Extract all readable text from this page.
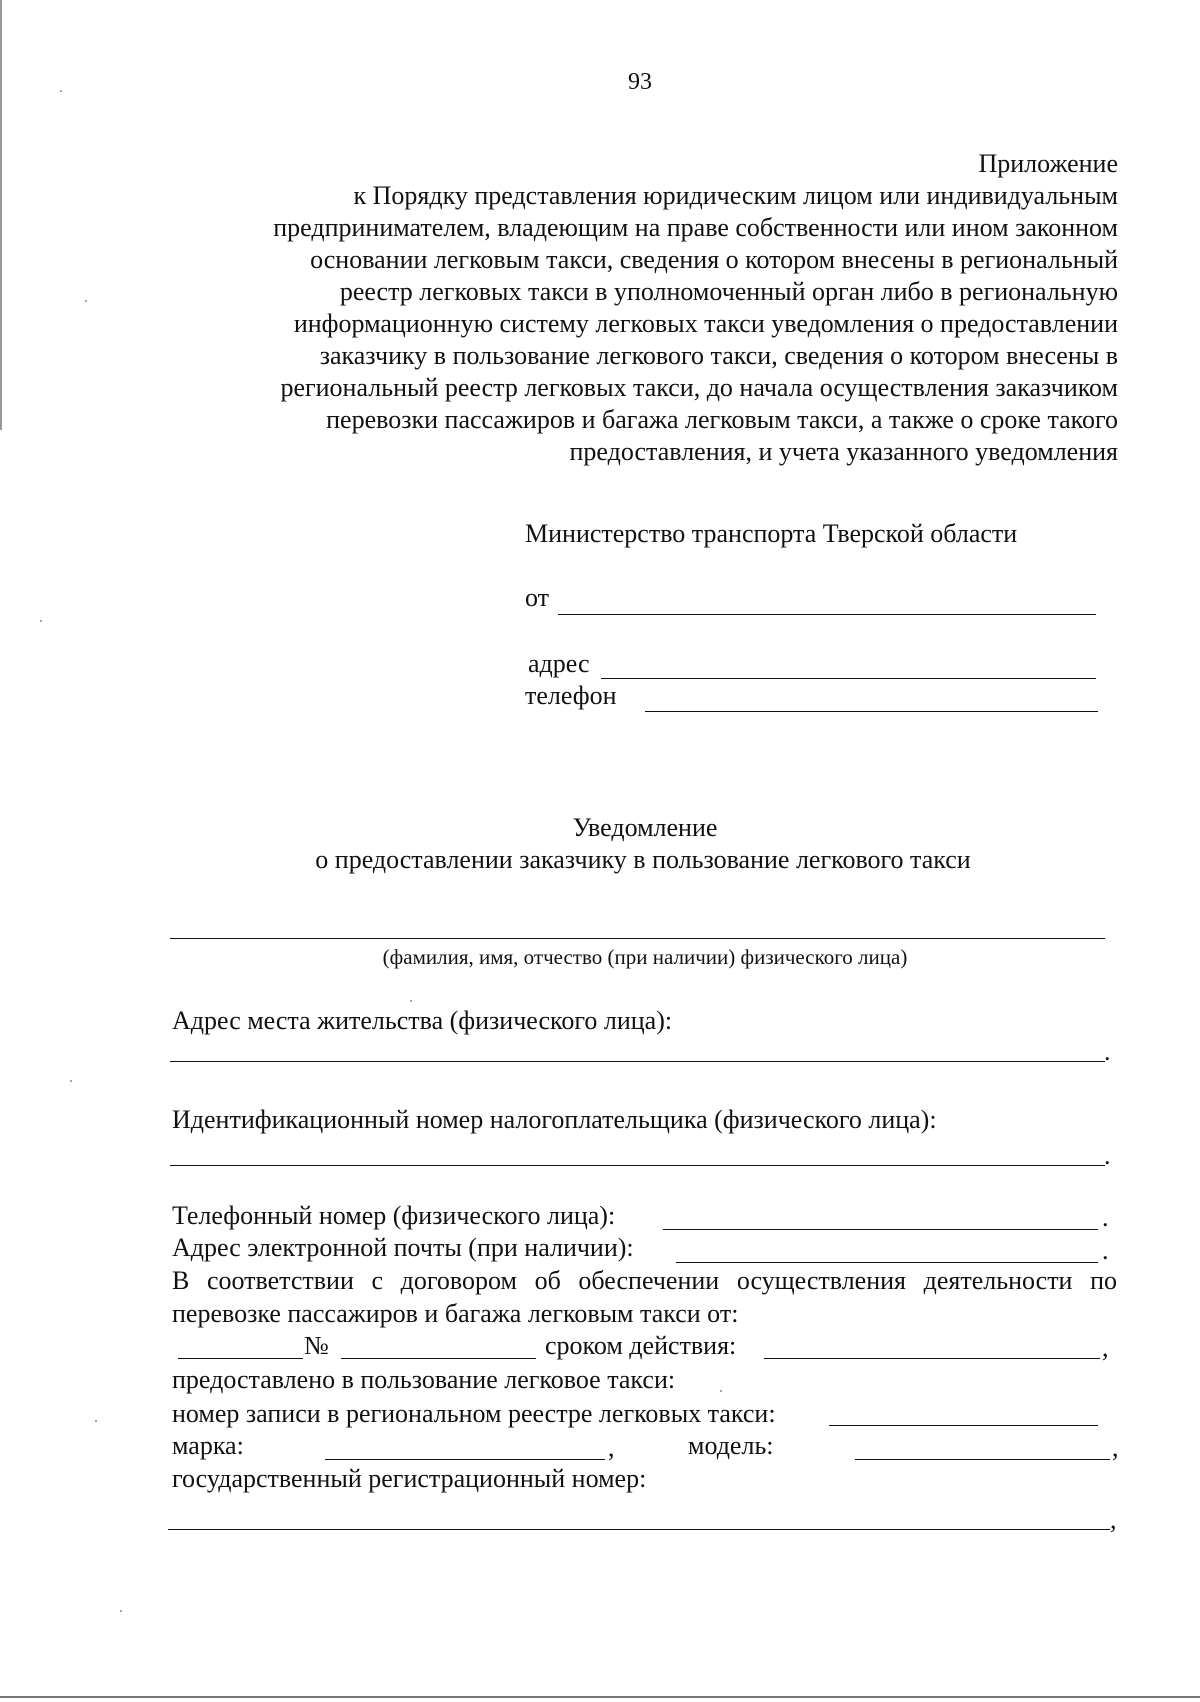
93
Приложение
к Порядку представления юридическим лицом или индивидуальным
предпринимателем, владеющим на праве собственности или ином законном
основании легковым такси, сведения о котором внесены в региональный
реестр легковых такси в уполномоченный орган либо в региональную
информационную систему легковых такси уведомления о предоставлении
заказчику в пользование легкового такси, сведения о котором внесены в
региональный реестр легковых такси, до начала осуществления заказчиком
перевозки пассажиров и багажа легковым такси, а также о сроке такого
предоставления, и учета указанного уведомления
Министерство транспорта Тверской области
от
адрес
телефон
Уведомление
о предоставлении заказчику в пользование легкового такси
(фамилия, имя, отчество (при наличии) физического лица)
Адрес места жительства (физического лица):
.
Идентификационный номер налогоплательщика (физического лица):
.
Телефонный номер (физического лица):	.
Адрес электронной почты (при наличии):	.
В соответствии с договором об обеспечении осуществления деятельности по
перевозке пассажиров и багажа легковым такси от:
№	сроком действия:	,
предоставлено в пользование легковое такси:
номер записи в региональном реестре легковых такси:
марка:	,	модель:	,
государственный регистрационный номер:
,
